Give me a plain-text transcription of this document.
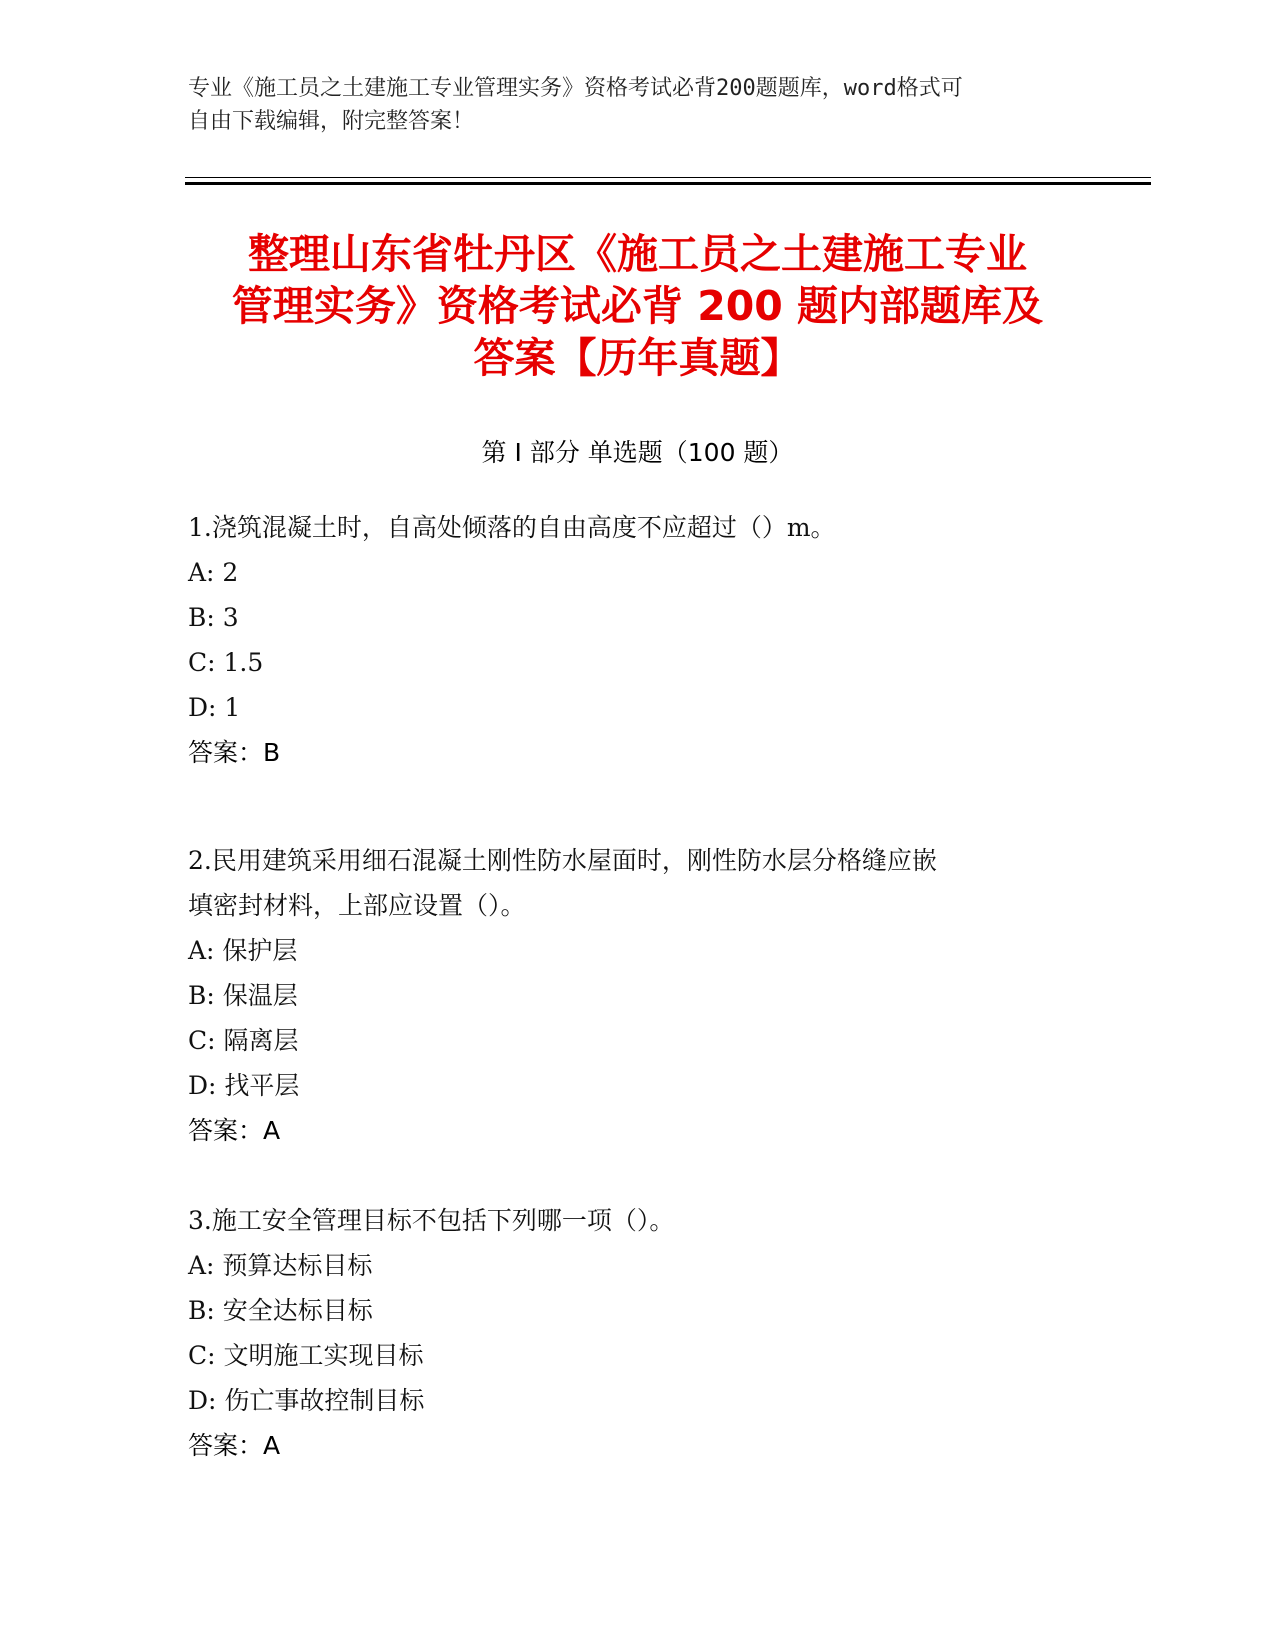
专业《施工员之土建施工专业管理实务》资格考试必背200题题库，word格式可
自由下载编辑，附完整答案！
整理山东省牡丹区《施工员之土建施工专业
管理实务》资格考试必背 200 题内部题库及
答案【历年真题】
第 I 部分 单选题（100 题）
1.浇筑混凝土时，自高处倾落的自由高度不应超过（）m。
A: 2
B: 3
C: 1.5
D: 1
答案：B
2.民用建筑采用细石混凝土刚性防水屋面时，刚性防水层分格缝应嵌
填密封材料，上部应设置（）。
A: 保护层
B: 保温层
C: 隔离层
D: 找平层
答案：A
3.施工安全管理目标不包括下列哪一项（）。
A: 预算达标目标
B: 安全达标目标
C: 文明施工实现目标
D: 伤亡事故控制目标
答案：A
